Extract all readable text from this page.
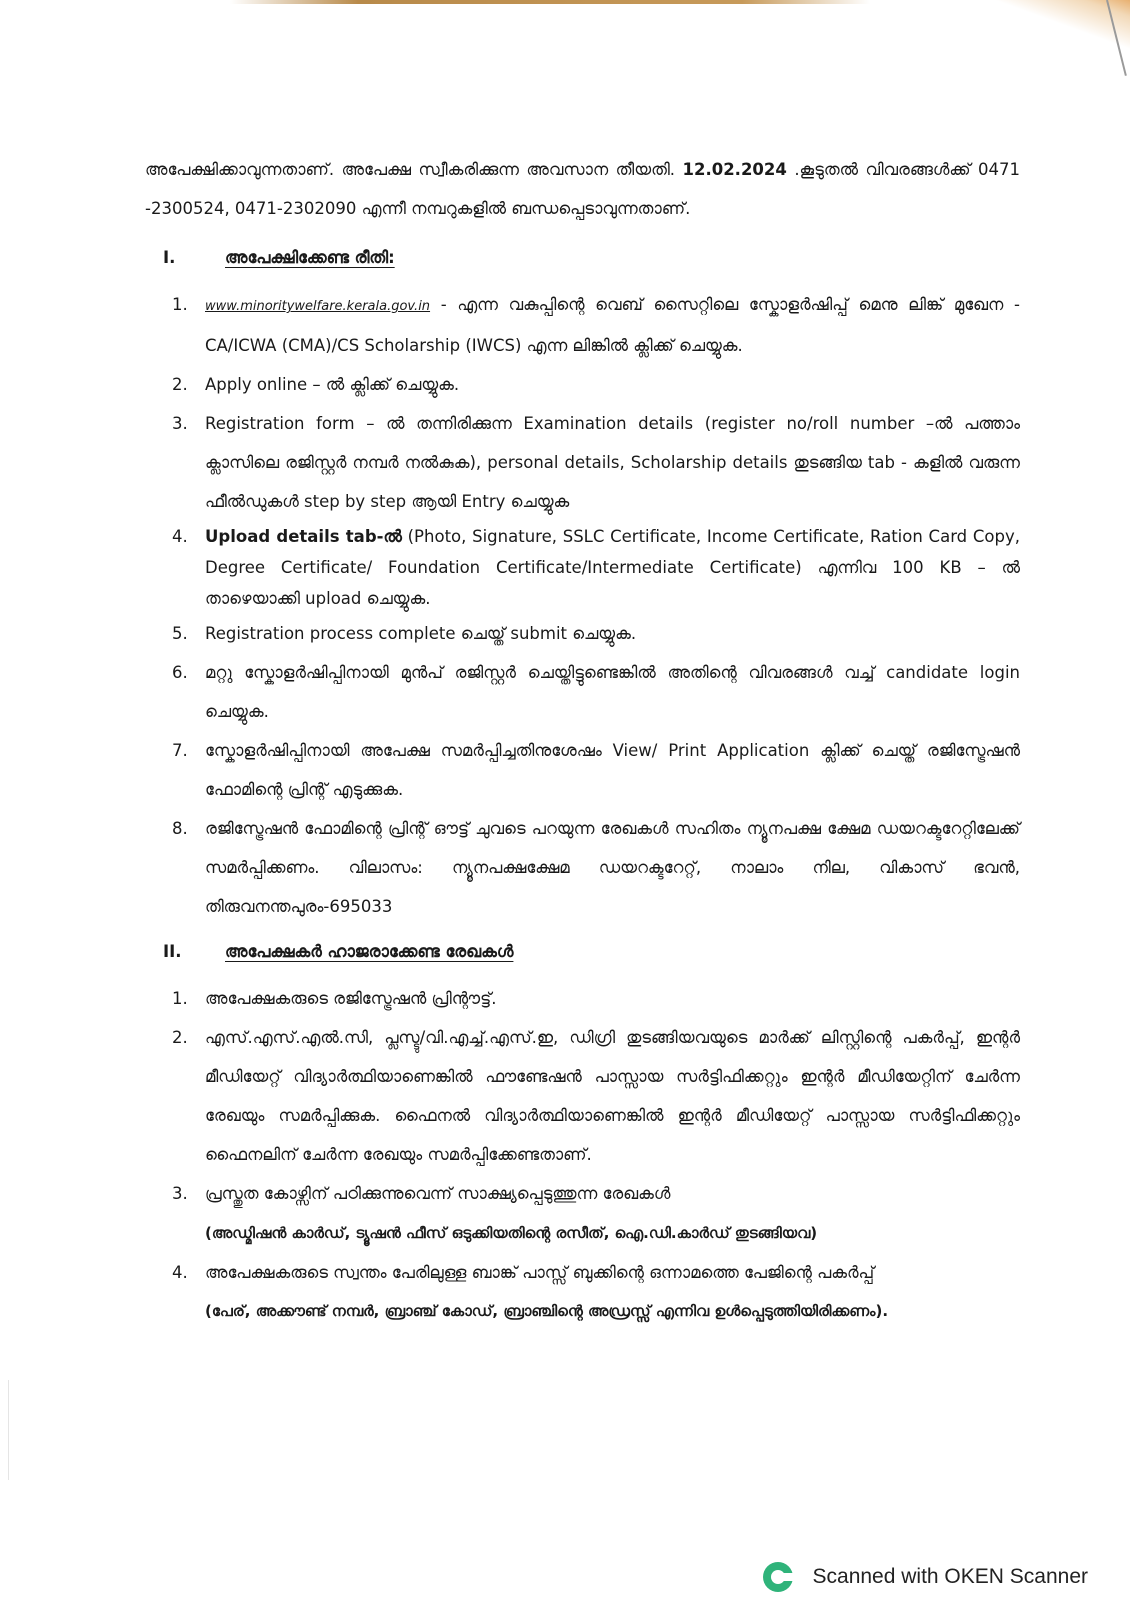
അപേക്ഷിക്കാവുന്നതാണ്. അപേക്ഷ സ്വീകരിക്കുന്ന അവസാന തീയതി. 12.02.2024 .കൂടുതൽ വിവരങ്ങൾക്ക് 0471 -2300524, 0471-2302090 എന്നീ നമ്പറുകളിൽ ബന്ധപ്പെടാവുന്നതാണ്.

I.	അപേക്ഷിക്കേണ്ട രീതി:
1.	www.minoritywelfare.kerala.gov.in - എന്ന വകുപ്പിന്റെ വെബ് സൈറ്റിലെ സ്കോളർഷിപ്പ് മെനു ലിങ്ക് മുഖേന - CA/ICWA (CMA)/CS Scholarship (IWCS) എന്ന ലിങ്കിൽ ക്ലിക്ക് ചെയ്യുക.
2.	Apply online – ൽ ക്ലിക്ക് ചെയ്യുക.
3.	Registration form – ൽ തന്നിരിക്കുന്ന Examination details (register no/roll number –ൽ പത്താം ക്ലാസിലെ രജിസ്റ്റർ നമ്പർ നൽകുക), personal details, Scholarship details തുടങ്ങിയ tab - കളിൽ വരുന്ന ഫീൽഡുകൾ step by step ആയി Entry ചെയ്യുക
4.	Upload details tab-ൽ (Photo, Signature, SSLC Certificate, Income Certificate, Ration Card Copy, Degree Certificate/ Foundation Certificate/Intermediate Certificate) എന്നിവ 100 KB – ൽ താഴെയാക്കി upload ചെയ്യുക.
5.	Registration process complete ചെയ്ത് submit ചെയ്യുക.
6.	മറ്റു സ്കോളർഷിപ്പിനായി മുൻപ് രജിസ്റ്റർ ചെയ്തിട്ടുണ്ടെങ്കിൽ അതിന്റെ വിവരങ്ങൾ വച്ച് candidate login ചെയ്യുക.
7.	സ്കോളർഷിപ്പിനായി അപേക്ഷ സമർപ്പിച്ചതിനുശേഷം View/ Print Application ക്ലിക്ക് ചെയ്ത് രജിസ്ട്രേഷൻ ഫോമിന്റെ പ്രിന്റ് എടുക്കുക.
8.	രജിസ്ട്രേഷൻ ഫോമിന്റെ പ്രിന്റ് ഔട്ട് ചുവടെ പറയുന്ന രേഖകൾ സഹിതം ന്യൂനപക്ഷ ക്ഷേമ ഡയറക്ടറേറ്റിലേക്ക് സമർപ്പിക്കണം. വിലാസം: ന്യൂനപക്ഷക്ഷേമ ഡയറക്ടറേറ്റ്, നാലാം നില, വികാസ് ഭവൻ, തിരുവനന്തപുരം-695033
II.	അപേക്ഷകർ ഹാജരാക്കേണ്ട രേഖകൾ
1.	അപേക്ഷകരുടെ രജിസ്ട്രേഷൻ പ്രിന്റൗട്ട്.
2.	എസ്.എസ്.എൽ.സി, പ്ലസ്ടു/വി.എച്ച്.എസ്.ഇ, ഡിഗ്രി തുടങ്ങിയവയുടെ മാർക്ക് ലിസ്റ്റിന്റെ പകർപ്പ്, ഇന്റർ മീഡിയേറ്റ് വിദ്യാർത്ഥിയാണെങ്കിൽ ഫൗണ്ടേഷൻ പാസ്സായ സർട്ടിഫിക്കറ്റും ഇന്റർ മീഡിയേറ്റിന് ചേർന്ന രേഖയും സമർപ്പിക്കുക. ഫൈനൽ വിദ്യാർത്ഥിയാണെങ്കിൽ ഇന്റർ മീഡിയേറ്റ് പാസ്സായ സർട്ടിഫിക്കറ്റും ഫൈനലിന് ചേർന്ന രേഖയും സമർപ്പിക്കേണ്ടതാണ്.
3.	പ്രസ്തുത കോഴ്സിന് പഠിക്കുന്നുവെന്ന് സാക്ഷ്യപ്പെടുത്തുന്ന രേഖകൾ
(അഡ്മിഷൻ കാർഡ്, ട്യൂഷൻ ഫീസ് ഒടുക്കിയതിന്റെ രസീത്, ഐ.ഡി.കാർഡ് തുടങ്ങിയവ)
4.	അപേക്ഷകരുടെ സ്വന്തം പേരിലുള്ള ബാങ്ക് പാസ്സ് ബുക്കിന്റെ ഒന്നാമത്തെ പേജിന്റെ പകർപ്പ്
(പേര്, അക്കൗണ്ട് നമ്പർ, ബ്രാഞ്ച് കോഡ്, ബ്രാഞ്ചിന്റെ അഡ്രസ്സ് എന്നിവ ഉൾപ്പെടുത്തിയിരിക്കണം).
Scanned with OKEN Scanner
